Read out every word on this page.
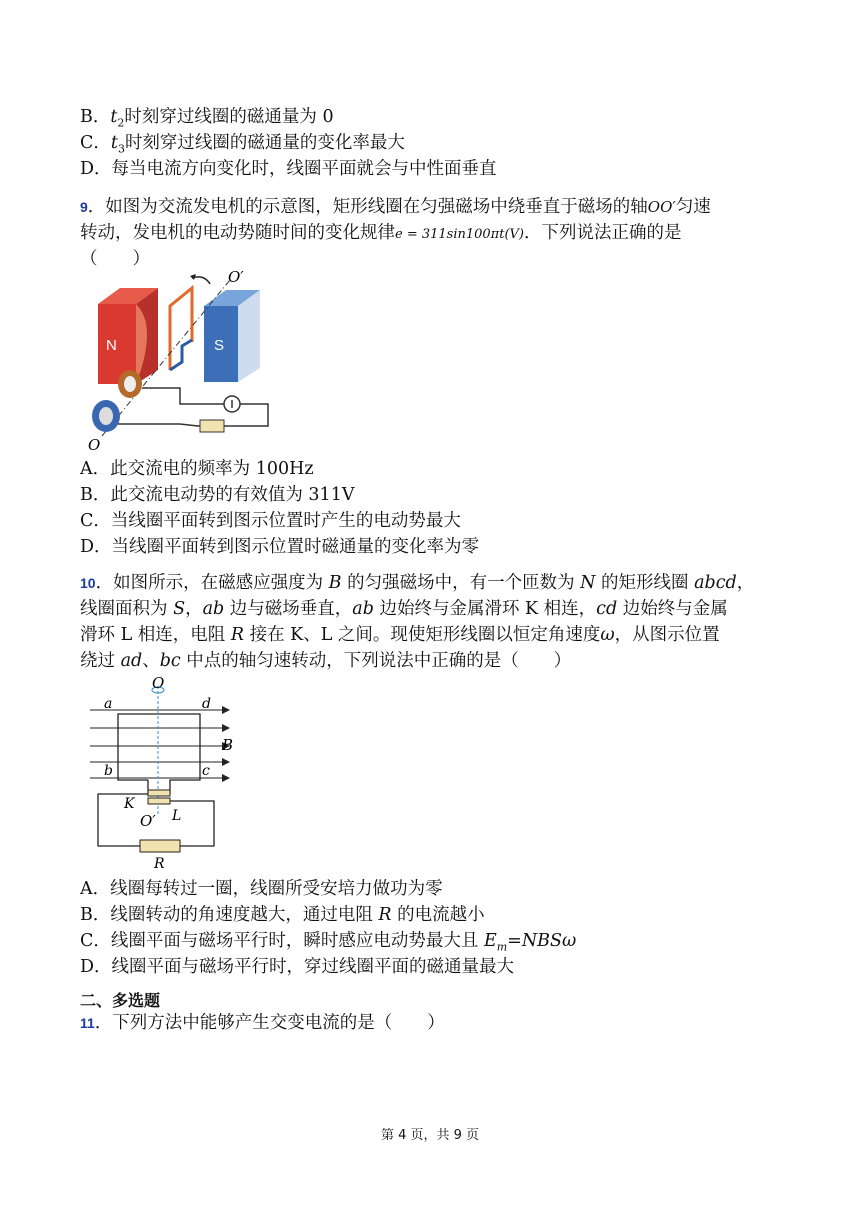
B．$t_2$时刻穿过线圈的磁通量为 0
C．$t_3$时刻穿过线圈的磁通量的变化率最大
D．每当电流方向变化时，线圈平面就会与中性面垂直
9．如图为交流发电机的示意图，矩形线圈在匀强磁场中绕垂直于磁场的轴OO′匀速
转动，发电机的电动势随时间的变化规律e = 311sin100πt(V)．下列说法正确的是
（　　）
N	S
O′
O
A．此交流电的频率为 100Hz
B．此交流电动势的有效值为 311V
C．当线圈平面转到图示位置时产生的电动势最大
D．当线圈平面转到图示位置时磁通量的变化率为零
10．如图所示，在磁感应强度为 B 的匀强磁场中，有一个匝数为 N 的矩形线圈 abcd，
线圈面积为 S，ab 边与磁场垂直，ab 边始终与金属滑环 K 相连，cd 边始终与金属
滑环 L 相连，电阻 R 接在 K、L 之间。现使矩形线圈以恒定角速度ω，从图示位置
绕过 ad、bc 中点的轴匀速转动，下列说法中正确的是（　　）
O
a	d
b	c
B
K
L
O′
R
A．线圈每转过一圈，线圈所受安培力做功为零
B．线圈转动的角速度越大，通过电阻 R 的电流越小
C．线圈平面与磁场平行时，瞬时感应电动势最大且 $E_m=NBS\omega$
D．线圈平面与磁场平行时，穿过线圈平面的磁通量最大
二、多选题
11．下列方法中能够产生交变电流的是（　　）
第 4 页，共 9 页
